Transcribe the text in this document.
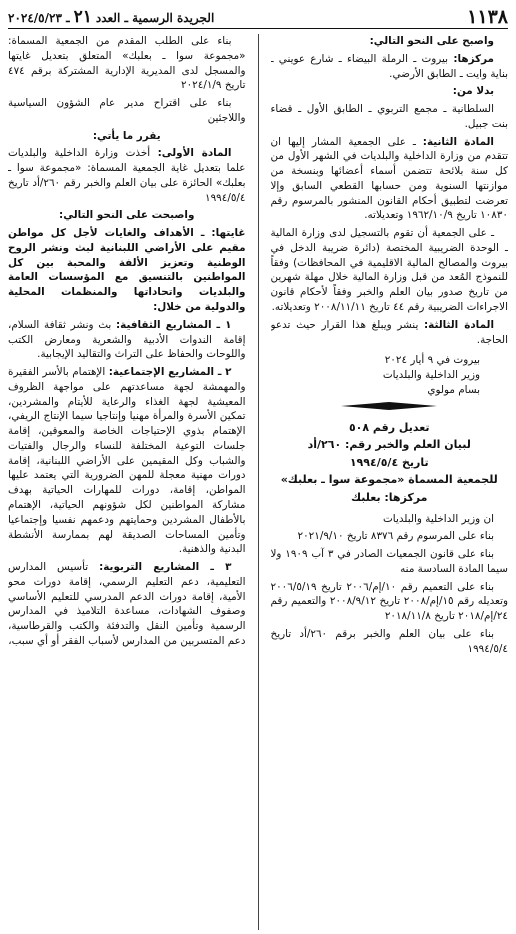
١١٣٨
الجريدة الرسمية ـ العدد٢١ـ ٢٠٢٤/٥/٢٣

واصبح على النحو التالي:

مركزها: بيروت ـ الرملة البيضاء ـ شارع عويني ـ بناية وايت ـ الطابق الأرضي.

بدلا من:

السلطانية ـ مجمع التربوي ـ الطابق الأول ـ قضاء بنت جبيل.

المادة الثانية: ـ على الجمعية المشار إليها ان تتقدم من وزارة الداخلية والبلديات في الشهر الأول من كل سنة بلائحة تتضمن أسماء أعضائها وبنسخة من موازنتها السنوية ومن حسابها القطعي السابق وإلا تعرضت لتطبيق أحكام القانون المنشور بالمرسوم رقم ١٠٨٣٠ تاريخ ١٩٦٢/١٠/٩ وتعديلاته.

ـ على الجمعية أن تقوم بالتسجيل لدى وزارة المالية ـ الوحدة الضريبية المختصة (دائرة ضريبة الدخل في بيروت والمصالح المالية الاقليمية في المحافظات) وفقاً للنموذج المُعد من قبل وزارة المالية خلال مهلة شهرين من تاريخ صدور بيان العلم والخبر وفقاً لأحكام قانون الاجراءات الضريبية رقم ٤٤ تاريخ ٢٠٠٨/١١/١١ وتعديلاته.

المادة الثالثة: ينشر ويبلغ هذا القرار حيث تدعو الحاجة.

بيروت في ٩ أيار ٢٠٢٤

وزير الداخلية والبلديات

بسام مولوي

تعديل رقم ٥٠٨

لبيان العلم والخبر رقم: ٢٦٠/أد

تاريخ ١٩٩٤/٥/٤

للجمعية المسماة «مجموعة سوا ـ بعلبك»

مركزها: بعلبك

ان وزير الداخلية والبلديات

بناء على المرسوم رقم ٨٣٧٦ تاريخ ٢٠٢١/٩/١٠

بناء على قانون الجمعيات الصادر في ٣ آب ١٩٠٩ ولا سيما المادة السادسة منه

بناء على التعميم رقم ١٠/إم/٢٠٠٦ تاريخ ٢٠٠٦/٥/١٩ وتعديله رقم ١٥/إم/٢٠٠٨ تاريخ ٢٠٠٨/٩/١٢ والتعميم رقم ٢٤/إم/٢٠١٨ تاريخ ٢٠١٨/١١/٨

بناء على بيان العلم والخبر برقم ٢٦٠/أد تاريخ ١٩٩٤/٥/٤

بناء على الطلب المقدم من الجمعية المسماة: «مجموعة سوا ـ بعلبك» المتعلق بتعديل غايتها والمسجل لدى المديرية الإدارية المشتركة برقم ٤٧٤ تاريخ ٢٠٢٤/١/٩

بناء على اقتراح مدير عام الشؤون السياسية واللاجئين

يقرر ما يأتي:

المادة الأولى: أخذت وزارة الداخلية والبلديات علما بتعديل غاية الجمعية المسماة: «مجموعة سوا ـ بعلبك» الحائزة على بيان العلم والخبر رقم ٢٦٠/أد تاريخ ١٩٩٤/٥/٤

واصبحت على النحو التالي:

غايتها: ـ الأهداف والغايات لأجل كل مواطن مقيم على الأراضي اللبنانية لبث ونشر الروح الوطنية وتعزيز الألفة والمحبة بين كل المواطنين بالتنسيق مع المؤسسات العامة والبلديات واتحاداتها والمنظمات المحلية والدولية من خلال:

١ ـ المشاريع الثقافية: بث ونشر ثقافة السلام، إقامة الندوات الأدبية والشعرية ومعارض الكتب واللوحات والحفاظ على التراث والتقاليد الإيجابية.

٢ ـ المشاريع الإجتماعية: الإهتمام بالأسر الفقيرة والمهمشة لجهة مساعدتهم على مواجهة الظروف المعيشية لجهة الغذاء والرعاية للأيتام والمشردين، تمكين الأسرة والمرأة مهنيا وإنتاجيا سيما الإنتاج الريفي، الإهتمام بذوي الإحتياجات الخاصة والمعوقين، إقامة جلسات التوعية المختلفة للنساء والرجال والفتيات والشباب وكل المقيمين على الأراضي اللبنانية، إقامة دورات مهنية معجلة للمهن الضرورية التي يعتمد عليها المواطن، إقامة، دورات للمهارات الحياتية بهدف مشاركة المواطنين لكل شؤونهم الحياتية، الإهتمام بالأطفال المشردين وحمايتهم ودعمهم نفسيا وإجتماعيا وتأمين المساحات الصديقة لهم بممارسة الأنشطة البدنية والذهنية.

٣ ـ المشاريع التربوية: تأسيس المدارس التعليمية، دعم التعليم الرسمي، إقامة دورات محو الأمية، إقامة دورات الدعم المدرسي للتعليم الأساسي وصفوف الشهادات، مساعدة التلاميذ في المدارس الرسمية وتأمين النقل والتدفئة والكتب والقرطاسية، دعم المتسربين من المدارس لأسباب الفقر أو أي سبب،
